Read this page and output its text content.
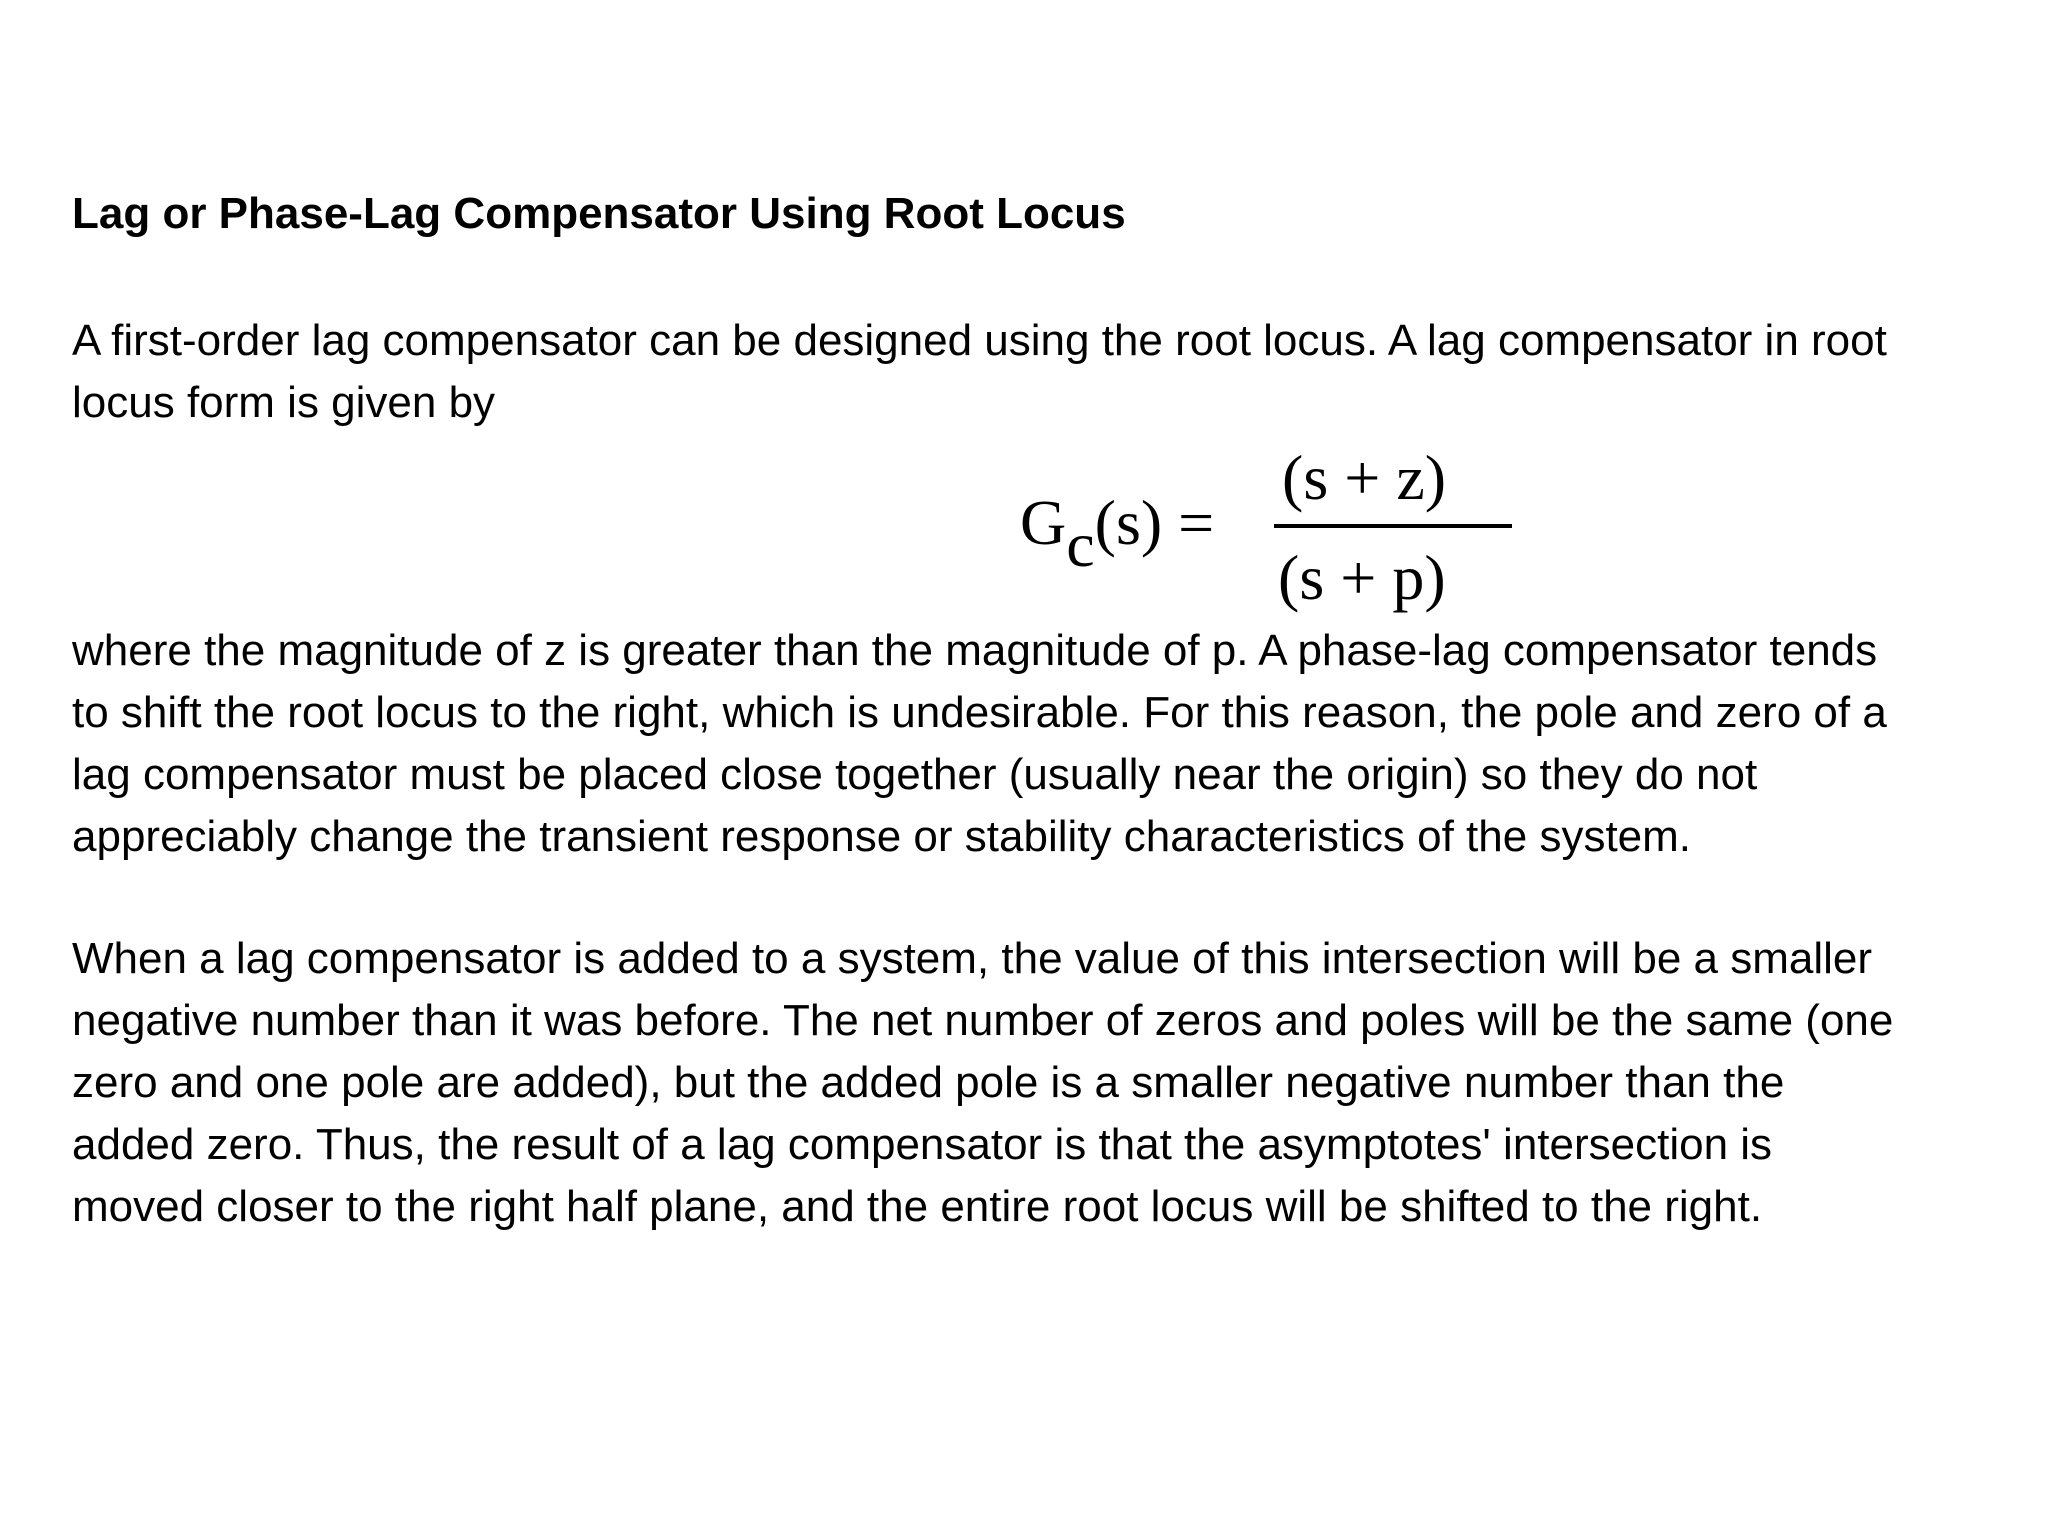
Lag or Phase-Lag Compensator Using Root Locus
A first-order lag compensator can be designed using the root locus. A lag compensator in root
locus form is given by
Gc(s) =
(s + z)
(s + p)
where the magnitude of z is greater than the magnitude of p. A phase-lag compensator tends
to shift the root locus to the right, which is undesirable. For this reason, the pole and zero of a
lag compensator must be placed close together (usually near the origin) so they do not
appreciably change the transient response or stability characteristics of the system.
When a lag compensator is added to a system, the value of this intersection will be a smaller
negative number than it was before. The net number of zeros and poles will be the same (one
zero and one pole are added), but the added pole is a smaller negative number than the
added zero. Thus, the result of a lag compensator is that the asymptotes' intersection is
moved closer to the right half plane, and the entire root locus will be shifted to the right.
